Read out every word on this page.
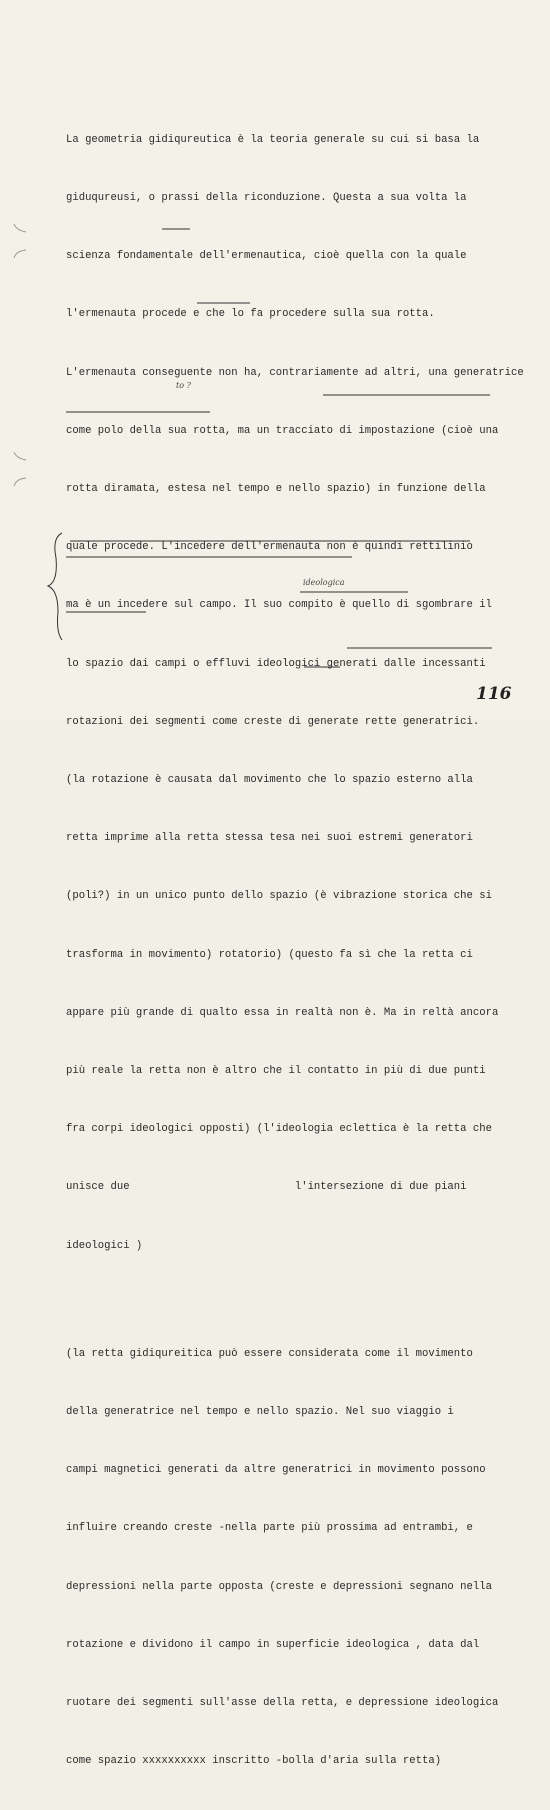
La geometria gidiqureutica è la teoria generale su cui si basa la

giduqureusi, o prassi della riconduzione. Questa a sua volta la

scienza fondamentale dell'ermenautica, cioè quella con la quale

l'ermenauta procede e che lo fa procedere sulla sua rotta.

L'ermenauta conseguente non ha, contrariamente ad altri, una generatrice

come polo della sua rotta, ma un tracciato di impostazione (cioè una

rotta diramata, estesa nel tempo e nello spazio) in funzione della

quale procede. L'incedere dell'ermenauta non è quindi rettilinio

ma è un incedere sul campo. Il suo compito è quello di sgombrare il

lo spazio dai campi o effluvi ideologici generati dalle incessanti

rotazioni dei segmenti come creste di generate rette generatrici.

(la rotazione è causata dal movimento che lo spazio esterno alla

retta imprime alla retta stessa tesa nei suoi estremi generatori

(poli?) in un unico punto dello spazio (è vibrazione storica che si

trasforma in movimento) rotatorio) (questo fa sì che la retta ci

appare più grande di qualto essa in realtà non è. Ma in reltà ancora

più reale la retta non è altro che il contatto in più di due punti

fra corpi ideologici opposti) (l'ideologia eclettica è la retta che

unisce due                          l'intersezione di due piani

ideologici )

(la retta gidiqureitica può essere considerata come il movimento

della generatrice nel tempo e nello spazio. Nel suo viaggio i

campi magnetici generati da altre generatrici in movimento possono

influire creando creste -nella parte più prossima ad entrambi, e

depressioni nella parte opposta (creste e depressioni segnano nella

rotazione e dividono il campo in superficie ideologica , data dal

ruotare dei segmenti sull'asse della retta, e depressione ideologica

come spazio xxxxxxxxxx inscritto -bolla d'aria sulla retta)

to ?
ideologica
116
